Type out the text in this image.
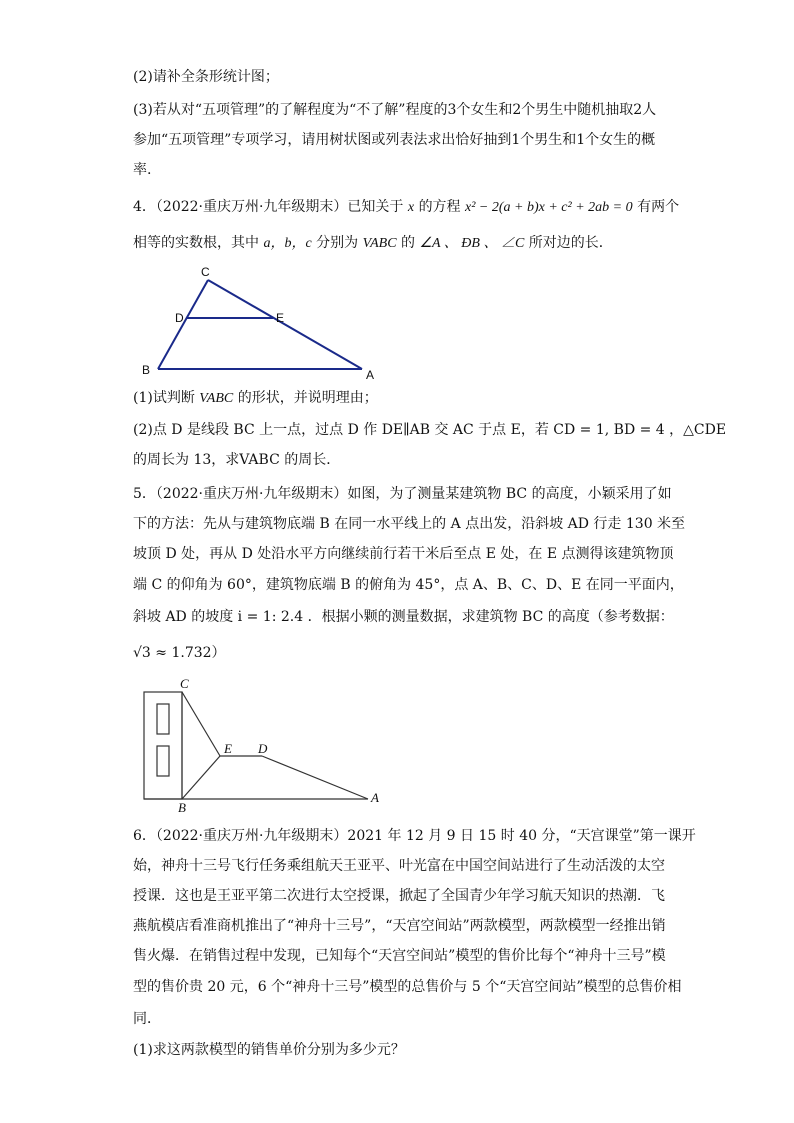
(2)请补全条形统计图；
(3)若从对“五项管理”的了解程度为“不了解”程度的3个女生和2个男生中随机抽取2人
参加“五项管理”专项学习，请用树状图或列表法求出恰好抽到1个男生和1个女生的概
率.
4．（2022·重庆万州·九年级期末）已知关于 x 的方程 x² − 2(a + b)x + c² + 2ab = 0 有两个
相等的实数根，其中 a，b，c 分别为 VABC 的 ∠A 、 ÐB 、 ∠C 所对边的长．
C
D	E
B	A
(1)试判断 VABC 的形状，并说明理由；
(2)点 D 是线段 BC 上一点，过点 D 作 DE∥AB 交 AC 于点 E，若 CD = 1, BD = 4 ，△CDE
的周长为 13，求VABC 的周长．
5．（2022·重庆万州·九年级期末）如图，为了测量某建筑物 BC 的高度，小颖采用了如
下的方法：先从与建筑物底端 B 在同一水平线上的 A 点出发，沿斜坡 AD 行走 130 米至
坡顶 D 处，再从 D 处沿水平方向继续前行若干米后至点 E 处，在 E 点测得该建筑物顶
端 C 的仰角为 60°，建筑物底端 B 的俯角为 45°，点 A、B、C、D、E 在同一平面内，
斜坡 AD 的坡度 i = 1: 2.4 ．根据小颗的测量数据，求建筑物 BC 的高度（参考数据：
√3 ≈ 1.732）
C
E D
B
A
6．（2022·重庆万州·九年级期末）2021 年 12 月 9 日 15 时 40 分，“天宫课堂”第一课开
始，神舟十三号飞行任务乘组航天王亚平、叶光富在中国空间站进行了生动活泼的太空
授课．这也是王亚平第二次进行太空授课，掀起了全国青少年学习航天知识的热潮．飞
燕航模店看准商机推出了“神舟十三号”，“天宫空间站”两款模型，两款模型一经推出销
售火爆．在销售过程中发现，已知每个“天宫空间站”模型的售价比每个“神舟十三号”模
型的售价贵 20 元，6 个“神舟十三号”模型的总售价与 5 个“天宫空间站”模型的总售价相
同．
(1)求这两款模型的销售单价分别为多少元？
